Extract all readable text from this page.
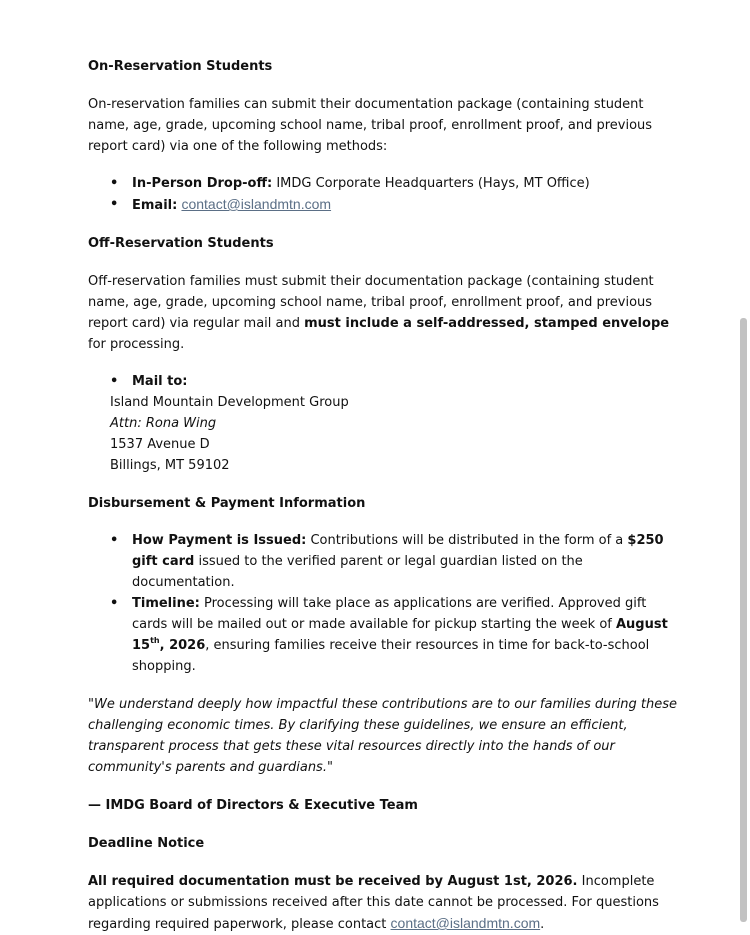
On-Reservation Students

On-reservation families can submit their documentation package (containing student name, age, grade, upcoming school name, tribal proof, enrollment proof, and previous report card) via one of the following methods:

• In-Person Drop-off: IMDG Corporate Headquarters (Hays, MT Office)
• Email: contact@islandmtn.com

Off-Reservation Students

Off-reservation families must submit their documentation package (containing student name, age, grade, upcoming school name, tribal proof, enrollment proof, and previous report card) via regular mail and must include a self-addressed, stamped envelope for processing.

• Mail to:
Island Mountain Development Group
Attn: Rona Wing
1537 Avenue D
Billings, MT 59102

Disbursement & Payment Information

• How Payment is Issued: Contributions will be distributed in the form of a $250 gift card issued to the verified parent or legal guardian listed on the documentation.
• Timeline: Processing will take place as applications are verified. Approved gift cards will be mailed out or made available for pickup starting the week of August 15th, 2026, ensuring families receive their resources in time for back-to-school shopping.

"We understand deeply how impactful these contributions are to our families during these challenging economic times. By clarifying these guidelines, we ensure an efficient, transparent process that gets these vital resources directly into the hands of our community's parents and guardians."

— IMDG Board of Directors & Executive Team

Deadline Notice

All required documentation must be received by August 1st, 2026. Incomplete applications or submissions received after this date cannot be processed. For questions regarding required paperwork, please contact contact@islandmtn.com.
